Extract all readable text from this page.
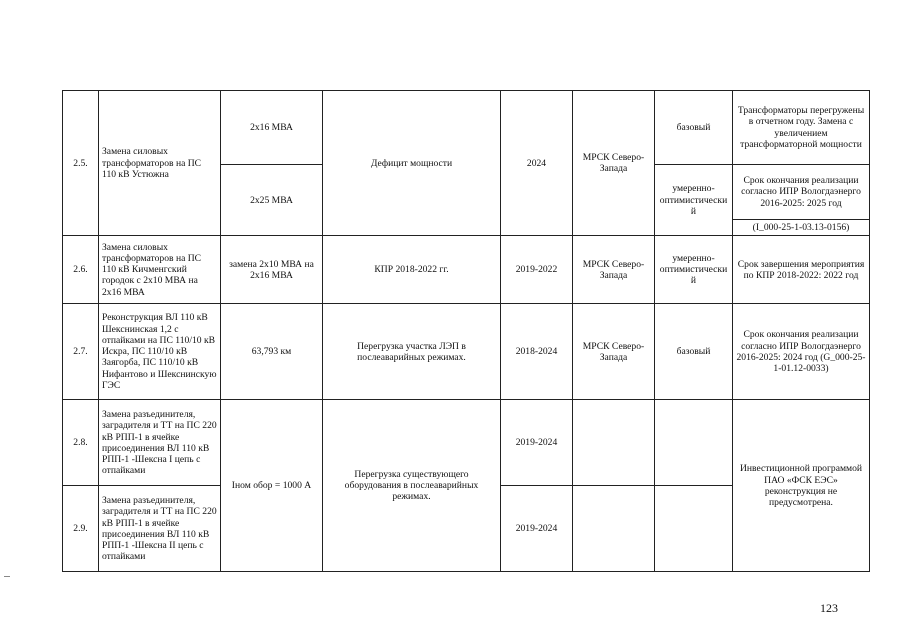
2.5.	Замена силовых трансформаторов на ПС 110 кВ Устюжна	2х16 МВА	Дефицит мощности	2024	МРСК Северо-Запада	базовый	Трансформаторы перегружены в отчетном году. Замена с увеличением трансформаторной мощности
		2х25 МВА				умеренно-оптимистический	Срок окончания реализации согласно ИПР Вологдаэнерго 2016-2025: 2025 год
							(I_000-25-1-03.13-0156)
2.6.	Замена силовых трансформаторов на ПС 110 кВ Кичменгский городок с 2х10 МВА на 2х16 МВА	замена 2х10 МВА на 2х16 МВА	КПР 2018-2022 гг.	2019-2022	МРСК Северо-Запада	умеренно-оптимистический	Срок завершения мероприятия по КПР 2018-2022: 2022 год
2.7.	Реконструкция ВЛ 110 кВ Шекснинская 1,2 с отпайками на ПС 110/10 кВ Искра, ПС 110/10 кВ Заягорба, ПС 110/10 кВ Нифантово и Шекснинскую ГЭС	63,793 км	Перегрузка участка ЛЭП в послеаварийных режимах.	2018-2024	МРСК Северо-Запада	базовый	Срок окончания реализации согласно ИПР Вологдаэнерго 2016-2025: 2024 год (G_000-25-1-01.12-0033)
2.8.	Замена разъединителя, заградителя и ТТ на ПС 220 кВ РПП-1 в ячейке присоединения ВЛ 110 кВ РПП-1 -Шексна I цепь с отпайками	Iном обор = 1000 А	Перегрузка существующего оборудования в послеаварийных режимах.	2019-2024			Инвестиционной программой ПАО «ФСК ЕЭС» реконструкция не предусмотрена.
2.9.	Замена разъединителя, заградителя и ТТ на ПС 220 кВ РПП-1 в ячейке присоединения ВЛ 110 кВ РПП-1 -Шексна II цепь с отпайками			2019-2024			
123
